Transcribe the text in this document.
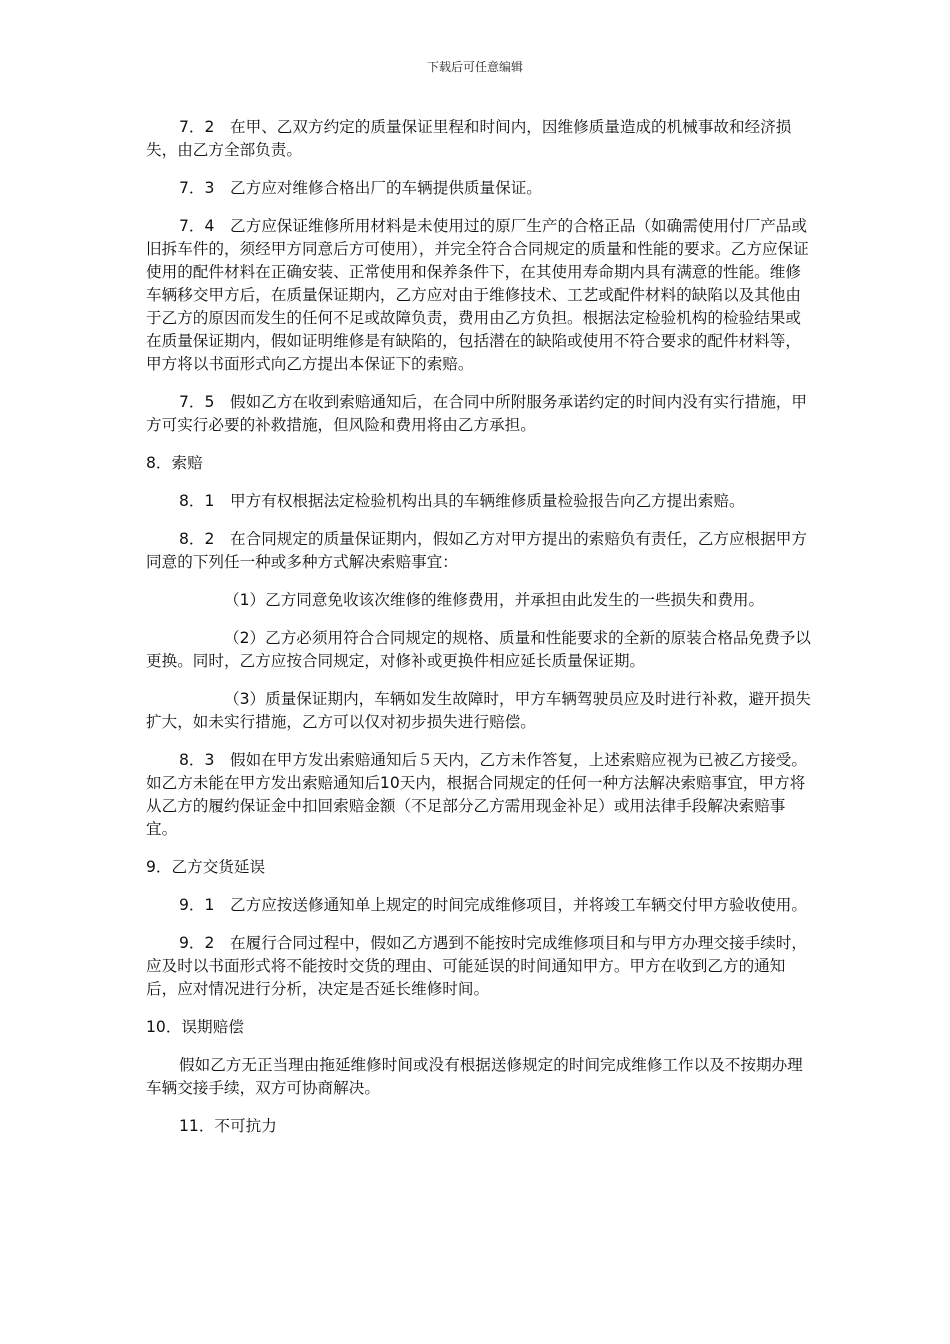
下载后可任意编辑

7．2　在甲、乙双方约定的质量保证里程和时间内，因维修质量造成的机械事故和经济损失，由乙方全部负责。

7．3　乙方应对维修合格出厂的车辆提供质量保证。

7．4　乙方应保证维修所用材料是未使用过的原厂生产的合格正品（如确需使用付厂产品或旧拆车件的，须经甲方同意后方可使用），并完全符合合同规定的质量和性能的要求。乙方应保证使用的配件材料在正确安装、正常使用和保养条件下，在其使用寿命期内具有满意的性能。维修车辆移交甲方后，在质量保证期内，乙方应对由于维修技术、工艺或配件材料的缺陷以及其他由于乙方的原因而发生的任何不足或故障负责，费用由乙方负担。根据法定检验机构的检验结果或在质量保证期内，假如证明维修是有缺陷的，包括潜在的缺陷或使用不符合要求的配件材料等，甲方将以书面形式向乙方提出本保证下的索赔。

7．5　假如乙方在收到索赔通知后，在合同中所附服务承诺约定的时间内没有实行措施，甲方可实行必要的补救措施，但风险和费用将由乙方承担。

8．索赔

8．1　甲方有权根据法定检验机构出具的车辆维修质量检验报告向乙方提出索赔。

8．2　在合同规定的质量保证期内，假如乙方对甲方提出的索赔负有责任，乙方应根据甲方同意的下列任一种或多种方式解决索赔事宜：

（1）乙方同意免收该次维修的维修费用，并承担由此发生的一些损失和费用。

（2）乙方必须用符合合同规定的规格、质量和性能要求的全新的原装合格品免费予以更换。同时，乙方应按合同规定，对修补或更换件相应延长质量保证期。

（3）质量保证期内，车辆如发生故障时，甲方车辆驾驶员应及时进行补救，避开损失扩大，如未实行措施，乙方可以仅对初步损失进行赔偿。

8．3　假如在甲方发出索赔通知后５天内，乙方未作答复，上述索赔应视为已被乙方接受。如乙方未能在甲方发出索赔通知后10天内，根据合同规定的任何一种方法解决索赔事宜，甲方将从乙方的履约保证金中扣回索赔金额（不足部分乙方需用现金补足）或用法律手段解决索赔事宜。

9．乙方交货延误

9．1　乙方应按送修通知单上规定的时间完成维修项目，并将竣工车辆交付甲方验收使用。

9．2　在履行合同过程中，假如乙方遇到不能按时完成维修项目和与甲方办理交接手续时，应及时以书面形式将不能按时交货的理由、可能延误的时间通知甲方。甲方在收到乙方的通知后，应对情况进行分析，决定是否延长维修时间。

10．误期赔偿

假如乙方无正当理由拖延维修时间或没有根据送修规定的时间完成维修工作以及不按期办理车辆交接手续，双方可协商解决。

11．不可抗力
